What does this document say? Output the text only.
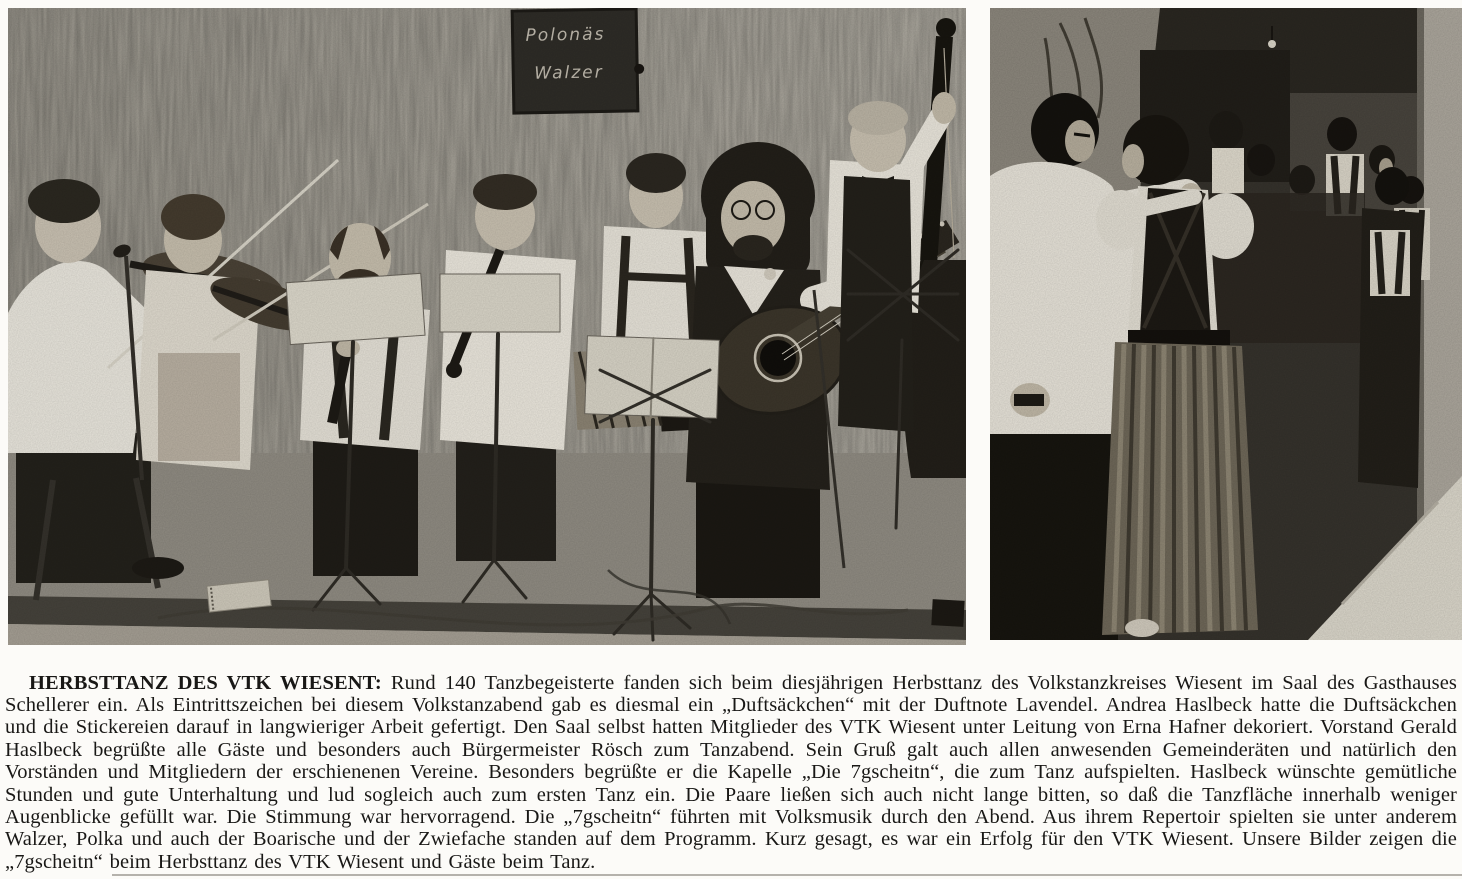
Polonäs
Walzer

HERBSTTANZ DES VTK WIESENT: Rund 140 Tanzbegeisterte fanden sich beim diesjährigen Herbsttanz des Volkstanzkreises Wiesent im Saal des Gasthauses Schellerer ein. Als Eintrittszeichen bei diesem Volkstanzabend gab es diesmal ein „Duftsäckchen“ mit der Duftnote Lavendel. Andrea Haslbeck hatte die Duftsäckchen und die Stickereien darauf in langwieriger Arbeit gefertigt. Den Saal selbst hatten Mitglieder des VTK Wiesent unter Leitung von Erna Hafner dekoriert. Vorstand Gerald Haslbeck begrüßte alle Gäste und besonders auch Bürgermeister Rösch zum Tanzabend. Sein Gruß galt auch allen anwesenden Gemeinderäten und natürlich den Vorständen und Mitgliedern der erschienenen Vereine. Besonders begrüßte er die Kapelle „Die 7gscheitn“, die zum Tanz aufspielten. Haslbeck wünschte gemütliche Stunden und gute Unterhaltung und lud sogleich auch zum ersten Tanz ein. Die Paare ließen sich auch nicht lange bitten, so daß die Tanzfläche innerhalb weniger Augenblicke gefüllt war. Die Stimmung war hervorragend. Die „7gscheitn“ führten mit Volksmusik durch den Abend. Aus ihrem Repertoir spielten sie unter anderem Walzer, Polka und auch der Boarische und der Zwiefache standen auf dem Programm. Kurz gesagt, es war ein Erfolg für den VTK Wiesent. Unsere Bilder zeigen die „7gscheitn“ beim Herbsttanz des VTK Wiesent und Gäste beim Tanz.
